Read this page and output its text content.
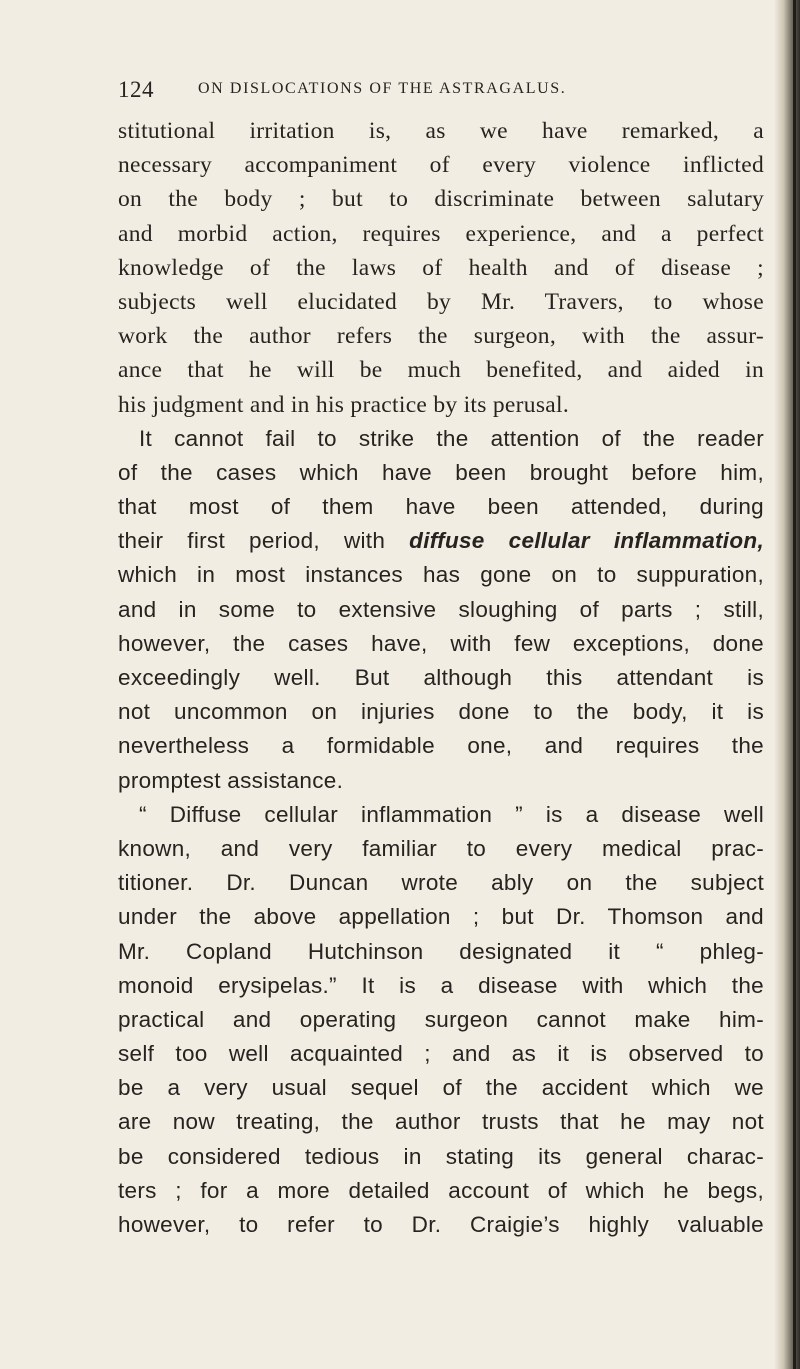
124	ON DISLOCATIONS OF THE ASTRAGALUS.
stitutional irritation is, as we have remarked, a
necessary accompaniment of every violence inflicted
on the body ; but to discriminate between salutary
and morbid action, requires experience, and a perfect
knowledge of the laws of health and of disease ;
subjects well elucidated by Mr. Travers, to whose
work the author refers the surgeon, with the assur-
ance that he will be much benefited, and aided in
his judgment and in his practice by its perusal.
It cannot fail to strike the attention of the reader
of the cases which have been brought before him,
that most of them have been attended, during
their first period, with diffuse cellular inflammation,
which in most instances has gone on to suppuration,
and in some to extensive sloughing of parts ; still,
however, the cases have, with few exceptions, done
exceedingly well. But although this attendant is
not uncommon on injuries done to the body, it is
nevertheless a formidable one, and requires the
promptest assistance.
“ Diffuse cellular inflammation ” is a disease well
known, and very familiar to every medical prac-
titioner. Dr. Duncan wrote ably on the subject
under the above appellation ; but Dr. Thomson and
Mr. Copland Hutchinson designated it “ phleg-
monoid erysipelas.” It is a disease with which the
practical and operating surgeon cannot make him-
self too well acquainted ; and as it is observed to
be a very usual sequel of the accident which we
are now treating, the author trusts that he may not
be considered tedious in stating its general charac-
ters ; for a more detailed account of which he begs,
however, to refer to Dr. Craigie’s highly valuable
